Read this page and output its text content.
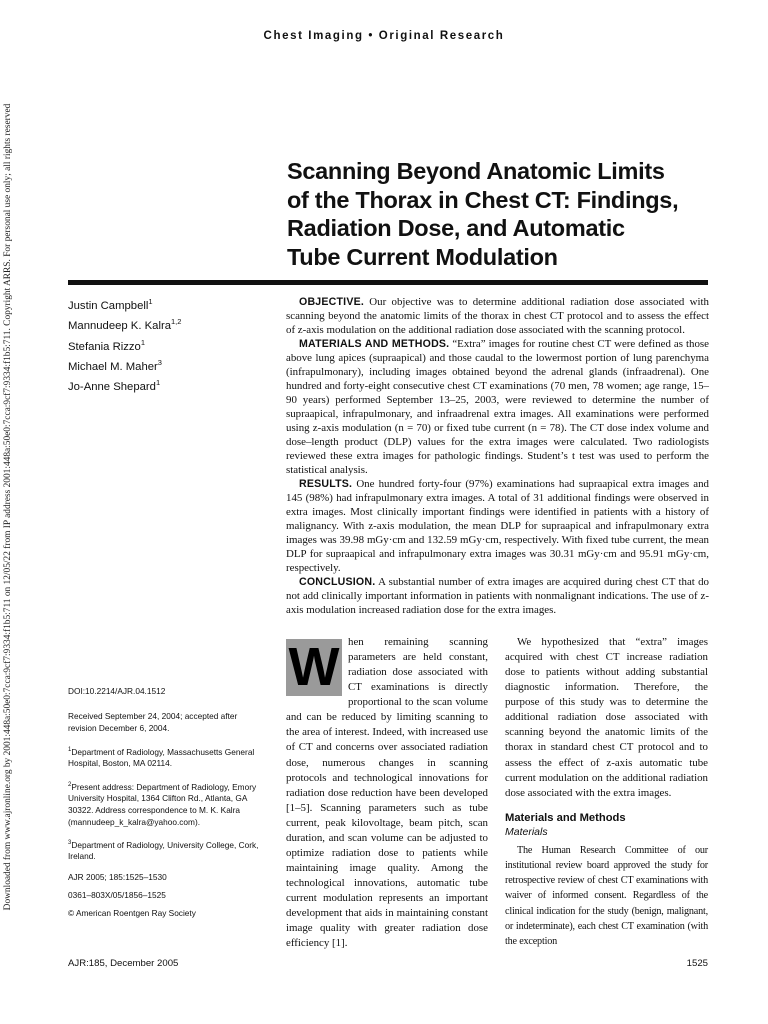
Downloaded from www.ajronline.org by 2001:448a:50e0:7cca:9cf7:9334:f1b5:711 on 12/05/22 from IP address 2001:448a:50e0:7cca:9cf7:9334:f1b5:711. Copyright ARRS. For personal use only; all rights reserved
Chest Imaging • Original Research
Scanning Beyond Anatomic Limits
of the Thorax in Chest CT: Findings,
Radiation Dose, and Automatic
Tube Current Modulation
Justin Campbell$^1$
Mannudeep K. Kalra$^{1,2}$
Stefania Rizzo$^1$
Michael M. Maher$^3$
Jo-Anne Shepard$^1$

OBJECTIVE. Our objective was to determine additional radiation dose associated with scanning beyond the anatomic limits of the thorax in chest CT protocol and to assess the effect of z-axis modulation on the additional radiation dose associated with the scanning protocol.

MATERIALS AND METHODS. “Extra” images for routine chest CT were defined as those above lung apices (supraapical) and those caudal to the lowermost portion of lung parenchyma (infrapulmonary), including images obtained beyond the adrenal glands (infraadrenal). One hundred and forty-eight consecutive chest CT examinations (70 men, 78 women; age range, 15–90 years) performed September 13–25, 2003, were reviewed to determine the number of supraapical, infrapulmonary, and infraadrenal extra images. All examinations were performed using z-axis modulation (n = 70) or fixed tube current (n = 78). The CT dose index volume and dose–length product (DLP) values for the extra images were calculated. Two radiologists reviewed these extra images for pathologic findings. Student’s t test was used to perform the statistical analysis.

RESULTS. One hundred forty-four (97%) examinations had supraapical extra images and 145 (98%) had infrapulmonary extra images. A total of 31 additional findings were observed in extra images. Most clinically important findings were identified in patients with a history of malignancy. With z-axis modulation, the mean DLP for supraapical and infrapulmonary extra images was 39.98 mGy·cm and 132.59 mGy·cm, respectively. With fixed tube current, the mean DLP for supraapical and infrapulmonary extra images was 30.31 mGy·cm and 95.91 mGy·cm, respectively.

CONCLUSION. A substantial number of extra images are acquired during chest CT that do not add clinically important information in patients with nonmalignant indications. The use of z-axis modulation increased radiation dose for the extra images.

DOI:10.2214/AJR.04.1512
Received September 24, 2004; accepted after revision December 6, 2004.
$^1$Department of Radiology, Massachusetts General Hospital, Boston, MA 02114.
$^2$Present address: Department of Radiology, Emory University Hospital, 1364 Clifton Rd., Atlanta, GA 30322. Address correspondence to M. K. Kalra (mannudeep_k_kalra@yahoo.com).
$^3$Department of Radiology, University College, Cork, Ireland.
AJR 2005; 185:1525–1530
0361–803X/05/1856–1525
© American Roentgen Ray Society
W hen remaining scanning parameters are held constant, radiation dose associated with CT examinations is directly proportional to the scan volume and can be reduced by limiting scanning to the area of interest. Indeed, with increased use of CT and concerns over associated radiation dose, numerous changes in scanning protocols and technological innovations for radiation dose reduction have been developed [1–5]. Scanning parameters such as tube current, peak kilovoltage, beam pitch, scan duration, and scan volume can be adjusted to optimize radiation dose to patients while maintaining image quality. Among the technological innovations, automatic tube current modulation represents an important development that aids in maintaining constant image quality with greater radiation dose efficiency [1].

We hypothesized that “extra” images acquired with chest CT increase radiation dose to patients without adding substantial diagnostic information. Therefore, the purpose of this study was to determine the additional radiation dose associated with scanning beyond the anatomic limits of the thorax in standard chest CT protocol and to assess the effect of z-axis automatic tube current modulation on the additional radiation dose associated with the extra images.

Materials and Methods
Materials

The Human Research Committee of our institutional review board approved the study for retrospective review of chest CT examinations with waiver of informed consent. Regardless of the clinical indication for the study (benign, malignant, or indeterminate), each chest CT examination (with the exception

AJR:185, December 2005	1525
